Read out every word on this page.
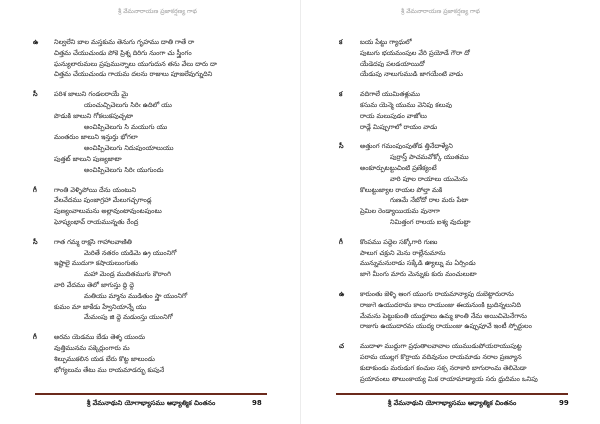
శ్రీ వేమనారాయణ ప్రజాకర్షణ్య గాథ
ఉ	నిల్వలేని బాల మస్తకుమ తెనుగు గృహము దాతి గాతే రా
చిత్తమ చేయుచుండు పోకె ప్రిశ్న దిరిగు నుంగా చు స్త్రీంగం
ఘన్యులారుమలు ప్రపుమున్నాలు యుగుదున తను వేలు దారు దా
చిత్తమ చేయుచుండు గాయమ దలను రాజులు పూజలేవుగ్నుదిని
సీ	పరిశ జాలుని గండలరాయే మై
యంచుచ్చిచెలుగు సిరిఁ ఉదిలో యు
పొడుకి జాలుని గోకలుకపుచ్చటా
అంచిప్పిచెలుగు సి మయుగు యు
మంతరుం జాలుని ఇన్తుర్తు భోగలా
అంచిప్పిచెలుగు నిదుపుంయాలుయు
పుత్తట్ జాలుని పుణ్యజాటా
అంచిప్పిచెలుగు సిరిఁ యుగుందు
గీ	గాంతి వెళ్ళిపోయి దేను యంటుని
వేలవేదము పుంజాగ్రహా మేలుగచ్చగాండ్ల
పుణ్యంవాలుమను అల్లావుంటావుంటపుంటు
ఘోష్యంభావ్ రాయమున్నతు రేంద్ర
సీ	గాత గమ్మ రాక్షసి గాహాలవాణితి
మెరితే నతరం యడిమె ఉ్ర యుంనిగో
ఇష్టాలై ముదుగా కషాయలుంగుతు
మహా మెండ్ర ముదితముగు కౌరాంగి
వారి వేదము తెలో జాగుస్తు ద్ది ద్దె
మతియు మ్మాను ముడితుం స్త్రా యుంనిగో
కుమం మా జాకేడు హ్వేనియాన్నే యు
మేమంపు జి ద్దె మడుంస్తు యుంనిగో
గీ	అరమ యెడము బేడు తెళ్ళ యుందు
వుత్తిమునమ పక్కెర్లుంగారు మ
శిల్పుముకలిన యడ బేరు కొట్ట జాలుండు
భోగ్యలుమ తేటు ము రాయమాడర్భు కుపునే
శ్రీ వేమనాథుని యోగాభ్యాసము ఆధ్యాత్మిక చింతనం	98
శ్రీ వేమనారాయణ ప్రజాకర్షణ్య గాథ
క	బయ పేట్టు గ్యాధులో
పుటుగు భయమంపుల వేరి ప్రయోడే గౌరా దో
యేడెదపు పలడయాయిదో
యేడుపు నాలుగుముడి జాగయేంటి వాడు
క	వదిగాలే యుమితళ్లుము
కసుమ యెన్మె యుము వెనిపు కలువు
రాయ మలుపుడం వాజోలు
రాడ్లే మిప్పుగాలో రాయం వాడు
సీ	అత్తుంగ గమంపుంపుతోడ త్తినేదాళ్యేని
పుర్రాస్త్ పాచమవోక్కో యుతము
అంకూర్పుటబ్టుచింటి ప్రణేక్యంటే
వారి పూల రాయాలు యుమెను
కొలుట్టుజ్యాల రాయల పోల్తా మకి
గుణమే నేబోదో రాల మరు పేటా
ప్రెమిల రెండ్యాయియమ వునాగా
నిమిత్తంగ రాలయ ఐశ్య వుదుట్టా
గీ	కొంపము పద్దెల సక్కోగారి గుణు
పాలుగ చక్రుని మెను రాల్లేనుమాను
మున్నుమనురాడు సక్కేడి ఉ్యాల్ను మ ఏర్సిండు
జాగె మీంగు మారు మెన్నుకు కురు మంచులుటా
ఉ	కారుంతు జెళ్ళి ఆంగ యుంగు రాయమాన్యాపు దుబెట్టారురాను
రాజుగె ఉయుదరామ కాలు రాయుంజు ఈయనుంకి బ్రుదిన్నలునిది
మేమను పెట్టుకుంతి యుద్డూలు ఉమ్మ కాంతి నేమ అయిచిమెనేగాను
రాజుగు ఉయుదారమ యుద్య రాయుంజు ఉప్పుపూవే ఇంటీ స్పోర్టులం
చ	ముదాళా ముద్దుగా ప్రధుతాలవావాల యుముడుపోయరాయుపుట్ట
పరామ యుల్లగ కొర్రాయ వదివునుం రాయమాడు నరాల ప్రణ్యూన
కుదాకుండు మరుడుగ కంచుల సక్స నరాకారి బాగురాంమ తెలిమెడా
ప్రయావంలు తాలుంకాయ్య మిక రాయామాడ్యాయ సరు ధ్రుదిమం ఒనిపు
శ్రీ వేమనాథుని యోగాభ్యాసము ఆధ్యాత్మిక చింతనం	99
